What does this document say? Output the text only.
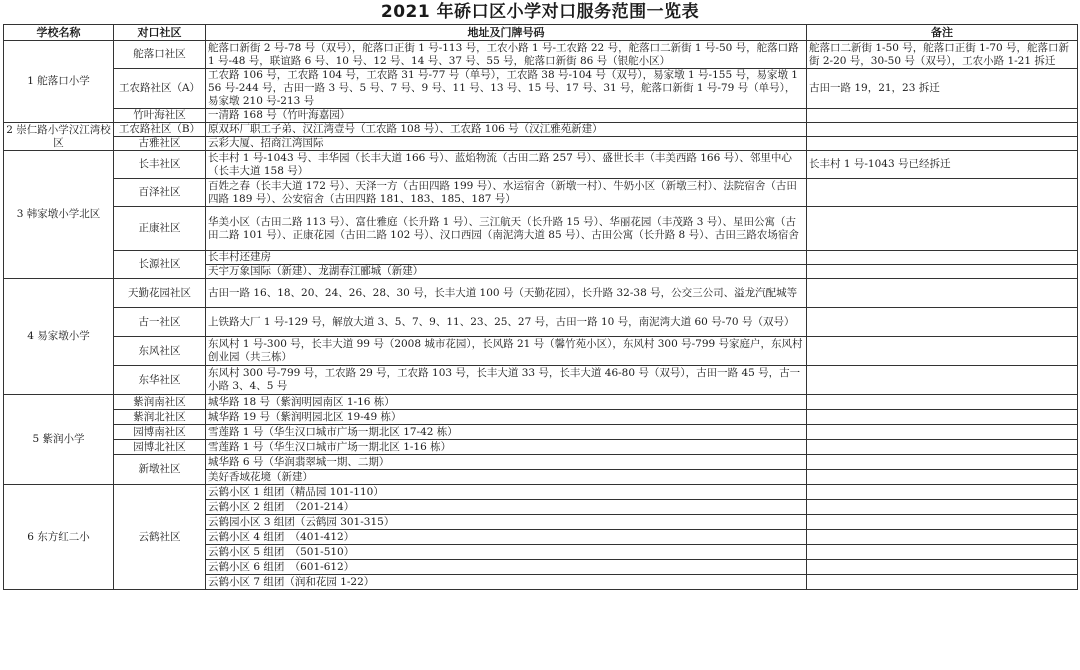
2021 年硚口区小学对口服务范围一览表
学校名称	对口社区	地址及门牌号码	备注
1 舵落口小学	舵落口社区	舵落口新街 2 号-78 号（双号），舵落口正街 1 号-113 号，工农小路 1 号-工农路 22 号，舵落口二新街 1 号-50 号，舵落口路 1 号-48 号，联谊路 6 号、10 号、12 号、14 号、37 号、55 号，舵落口新街 86 号（银舵小区）	舵落口二新街 1-50 号，舵落口正街 1-70 号，舵落口新街 2-20 号，30-50 号（双号），工农小路 1-21 拆迁
	工农路社区（A）	工农路 106 号，工农路 104 号，工农路 31 号-77 号（单号），工农路 38 号-104 号（双号），易家墩 1 号-155 号，易家墩 156 号-244 号，古田一路 3 号、5 号、7 号、9 号、11 号、13 号、15 号、17 号、31 号，舵落口新街 1 号-79 号（单号），易家墩 210 号-213 号	古田一路 19，21，23 拆迁
	竹叶海社区	一清路 168 号（竹叶海嘉园）	
2 崇仁路小学汉江湾校区	工农路社区（B）	原双环厂职工子弟、汉江湾壹号（工农路 108 号）、工农路 106 号（汉江雅苑新建）	
	古雅社区	云彩大厦、招商江湾国际	
3 韩家墩小学北区	长丰社区	长丰村 1 号-1043 号、丰华园（长丰大道 166 号）、蓝焰物流（古田二路 257 号）、盛世长丰（丰美西路 166 号）、邻里中心（长丰大道 158 号）	长丰村 1 号-1043 号已经拆迁
	百泽社区	百姓之春（长丰大道 172 号）、天泽一方（古田四路 199 号）、水运宿舍（新墩一村）、牛奶小区（新墩三村）、法院宿舍（古田四路 189 号）、公安宿舍（古田四路 181、183、185、187 号）	
	正康社区	华美小区（古田二路 113 号）、富仕雅庭（长升路 1 号）、三江航天（长升路 15 号）、华丽花园（丰茂路 3 号）、星田公寓（古田二路 101 号）、正康花园（古田二路 102 号）、汉口西园（南泥湾大道 85 号）、古田公寓（长升路 8 号）、古田三路农场宿舍	
	长源社区	长丰村还建房	
		天宇万象国际（新建）、龙湖春江郦城（新建）	
4 易家墩小学	天勤花园社区	古田一路 16、18、20、24、26、28、30 号，长丰大道 100 号（天勤花园），长升路 32-38 号，公交三公司、溢龙汽配城等	
	古一社区	上铁路大厂 1 号-129 号，解放大道 3、5、7、9、11、23、25、27 号，古田一路 10 号，南泥湾大道 60 号-70 号（双号）	
	东风社区	东风村 1 号-300 号，长丰大道 99 号（2008 城市花园），长风路 21 号（馨竹苑小区），东风村 300 号-799 号家庭户，东风村创业园（共三栋）	
	东华社区	东风村 300 号-799 号，工农路 29 号，工农路 103 号，长丰大道 33 号，长丰大道 46-80 号（双号），古田一路 45 号，古一小路 3、4、5 号	
5 紫润小学	紫润南社区	城华路 18 号（紫润明园南区 1-16 栋）	
	紫润北社区	城华路 19 号（紫润明园北区 19-49 栋）	
	园博南社区	雪莲路 1 号（华生汉口城市广场一期北区 17-42 栋）	
	园博北社区	雪莲路 1 号（华生汉口城市广场一期北区 1-16 栋）	
	新墩社区	城华路 6 号（华润翡翠城一期、二期）	
		美好香域花境（新建）	
6 东方红二小	云鹤社区	云鹤小区 1 组团（精品园 101-110）	
		云鹤小区 2 组团　（201-214）	
		云鹤园小区 3 组团（云鹤园 301-315）	
		云鹤小区 4 组团　（401-412）	
		云鹤小区 5 组团　（501-510）	
		云鹤小区 6 组团　（601-612）	
		云鹤小区 7 组团（润和花园 1-22）	
